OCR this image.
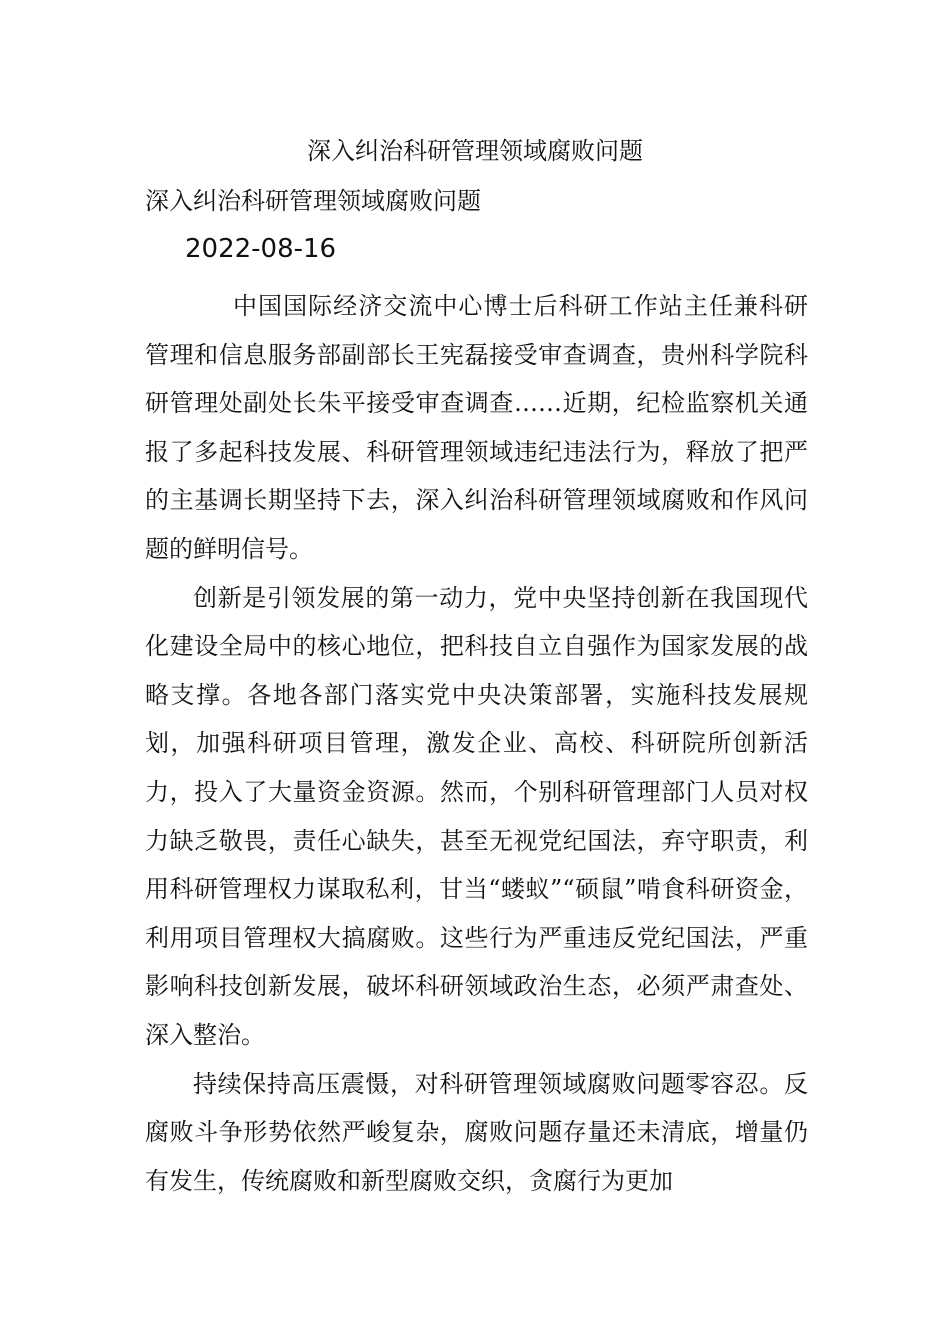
深入纠治科研管理领域腐败问题
深入纠治科研管理领域腐败问题
2022-08-16

中国国际经济交流中心博士后科研工作站主任兼科研管理和信息服务部副部长王宪磊接受审查调查，贵州科学院科研管理处副处长朱平接受审查调查……近期，纪检监察机关通报了多起科技发展、科研管理领域违纪违法行为，释放了把严的主基调长期坚持下去，深入纠治科研管理领域腐败和作风问题的鲜明信号。

创新是引领发展的第一动力，党中央坚持创新在我国现代化建设全局中的核心地位，把科技自立自强作为国家发展的战略支撑。各地各部门落实党中央决策部署，实施科技发展规划，加强科研项目管理，激发企业、高校、科研院所创新活力，投入了大量资金资源。然而，个别科研管理部门人员对权力缺乏敬畏，责任心缺失，甚至无视党纪国法，弃守职责，利用科研管理权力谋取私利，甘当“蝼蚁”“硕鼠”啃食科研资金，利用项目管理权大搞腐败。这些行为严重违反党纪国法，严重影响科技创新发展，破坏科研领域政治生态，必须严肃查处、深入整治。

持续保持高压震慑，对科研管理领域腐败问题零容忍。反腐败斗争形势依然严峻复杂，腐败问题存量还未清底，增量仍有发生，传统腐败和新型腐败交织，贪腐行为更加
